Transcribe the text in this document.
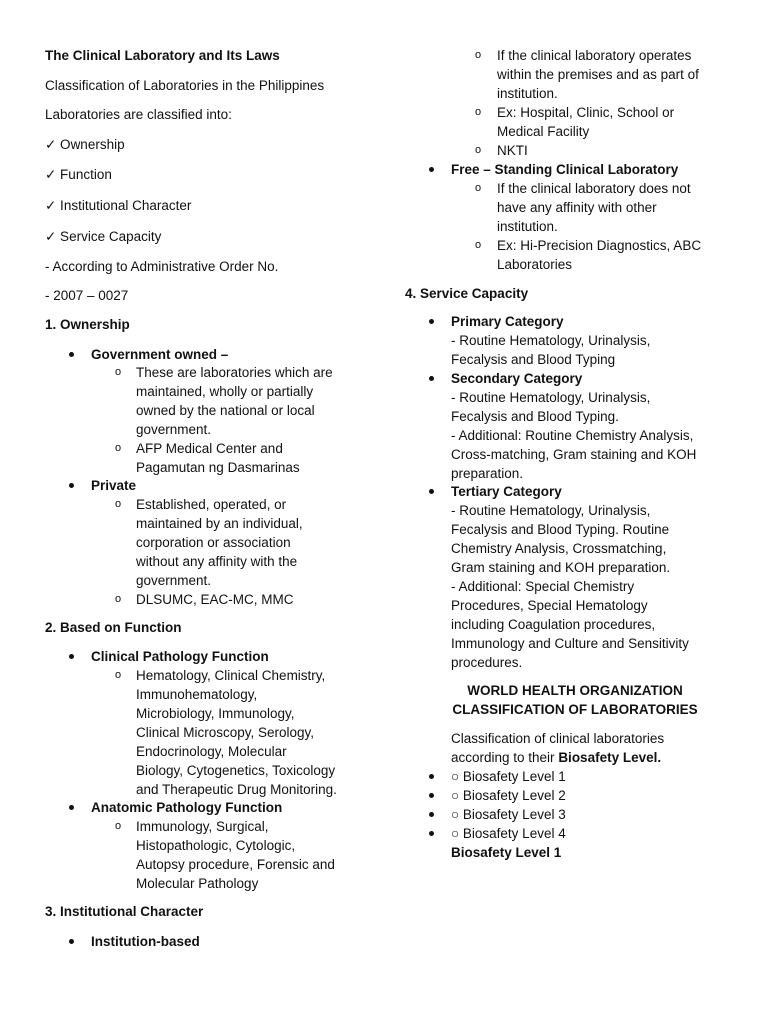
The Clinical Laboratory and Its Laws
Classification of Laboratories in the Philippines
Laboratories are classified into:
✓ Ownership
✓ Function
✓ Institutional Character
✓ Service Capacity
- According to Administrative Order No.
- 2007 – 0027
1. Ownership
Government owned –
o These are laboratories which are
maintained, wholly or partially
owned by the national or local
government.
o AFP Medical Center and
Pagamutan ng Dasmarinas
Private
o Established, operated, or
maintained by an individual,
corporation or association
without any affinity with the
government.
o DLSUMC, EAC-MC, MMC
2. Based on Function
Clinical Pathology Function
o Hematology, Clinical Chemistry,
Immunohematology,
Microbiology, Immunology,
Clinical Microscopy, Serology,
Endocrinology, Molecular
Biology, Cytogenetics, Toxicology
and Therapeutic Drug Monitoring.
Anatomic Pathology Function
o Immunology, Surgical,
Histopathologic, Cytologic,
Autopsy procedure, Forensic and
Molecular Pathology
3. Institutional Character
Institution-based
o If the clinical laboratory operates
within the premises and as part of
institution.
o Ex: Hospital, Clinic, School or
Medical Facility
o NKTI
Free – Standing Clinical Laboratory
o If the clinical laboratory does not
have any affinity with other
institution.
o Ex: Hi-Precision Diagnostics, ABC
Laboratories
4. Service Capacity
Primary Category
- Routine Hematology, Urinalysis,
Fecalysis and Blood Typing
Secondary Category
- Routine Hematology, Urinalysis,
Fecalysis and Blood Typing.
- Additional: Routine Chemistry Analysis,
Cross-matching, Gram staining and KOH
preparation.
Tertiary Category
- Routine Hematology, Urinalysis,
Fecalysis and Blood Typing. Routine
Chemistry Analysis, Crossmatching,
Gram staining and KOH preparation.
- Additional: Special Chemistry
Procedures, Special Hematology
including Coagulation procedures,
Immunology and Culture and Sensitivity
procedures.
WORLD HEALTH ORGANIZATION
CLASSIFICATION OF LABORATORIES
Classification of clinical laboratories
according to their Biosafety Level.
○ Biosafety Level 1
○ Biosafety Level 2
○ Biosafety Level 3
○ Biosafety Level 4
Biosafety Level 1
